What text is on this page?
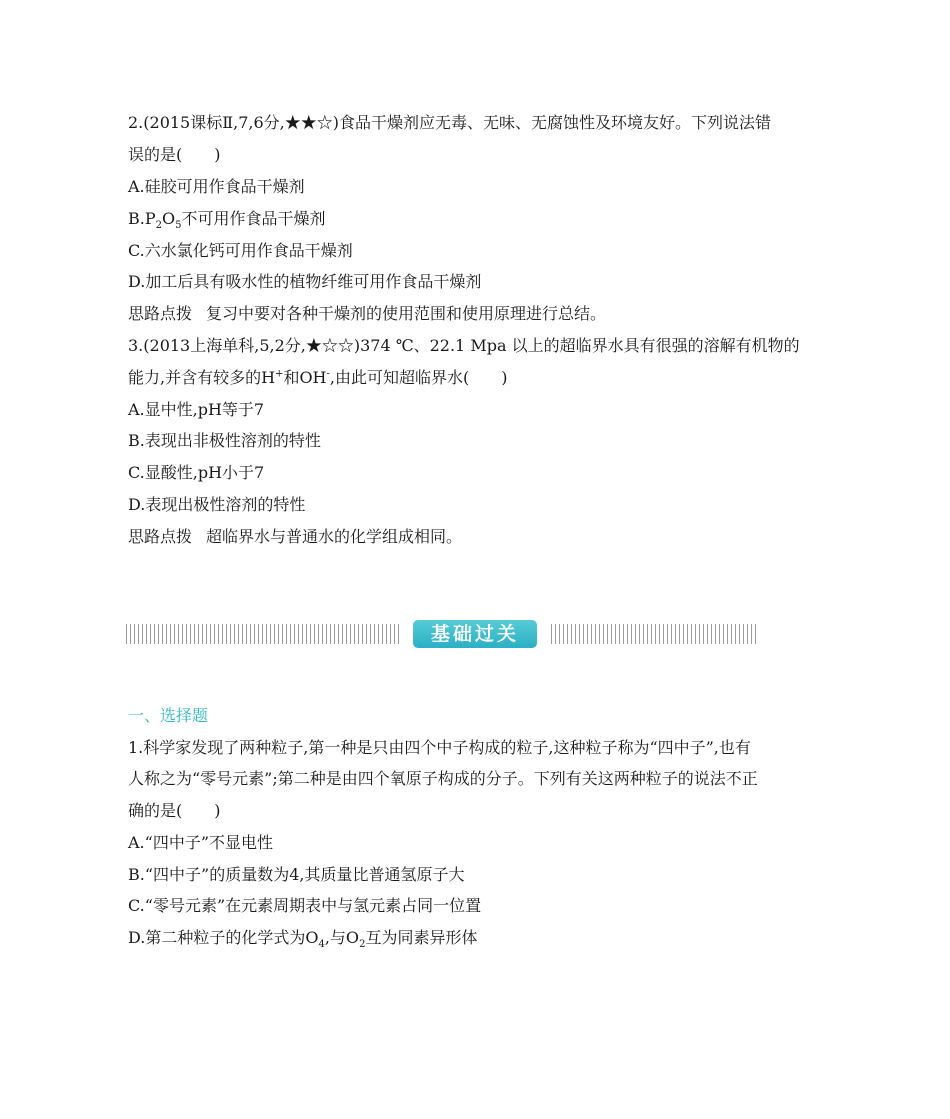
2.(2015课标Ⅱ,7,6分,★★☆)食品干燥剂应无毒、无味、无腐蚀性及环境友好。下列说法错
误的是(　　)
A.硅胶可用作食品干燥剂
$B.P_2O_5$不可用作食品干燥剂
C.六水氯化钙可用作食品干燥剂
D.加工后具有吸水性的植物纤维可用作食品干燥剂
思路点拨 复习中要对各种干燥剂的使用范围和使用原理进行总结。
3.(2013上海单科,5,2分,★☆☆)374 ℃、22.1 Mpa 以上的超临界水具有很强的溶解有机物的
能力,并含有较多的H+和OH-,由此可知超临界水(　　)
A.显中性,pH等于7
B.表现出非极性溶剂的特性
C.显酸性,pH小于7
D.表现出极性溶剂的特性
思路点拨 超临界水与普通水的化学组成相同。
基础过关
一、选择题
1.科学家发现了两种粒子,第一种是只由四个中子构成的粒子,这种粒子称为“四中子”,也有
人称之为“零号元素”;第二种是由四个氧原子构成的分子。下列有关这两种粒子的说法不正
确的是(　　)
A.“四中子”不显电性
B.“四中子”的质量数为4,其质量比普通氢原子大
C.“零号元素”在元素周期表中与氢元素占同一位置
D.第二种粒子的化学式为$O_4$,与$O_2$互为同素异形体
